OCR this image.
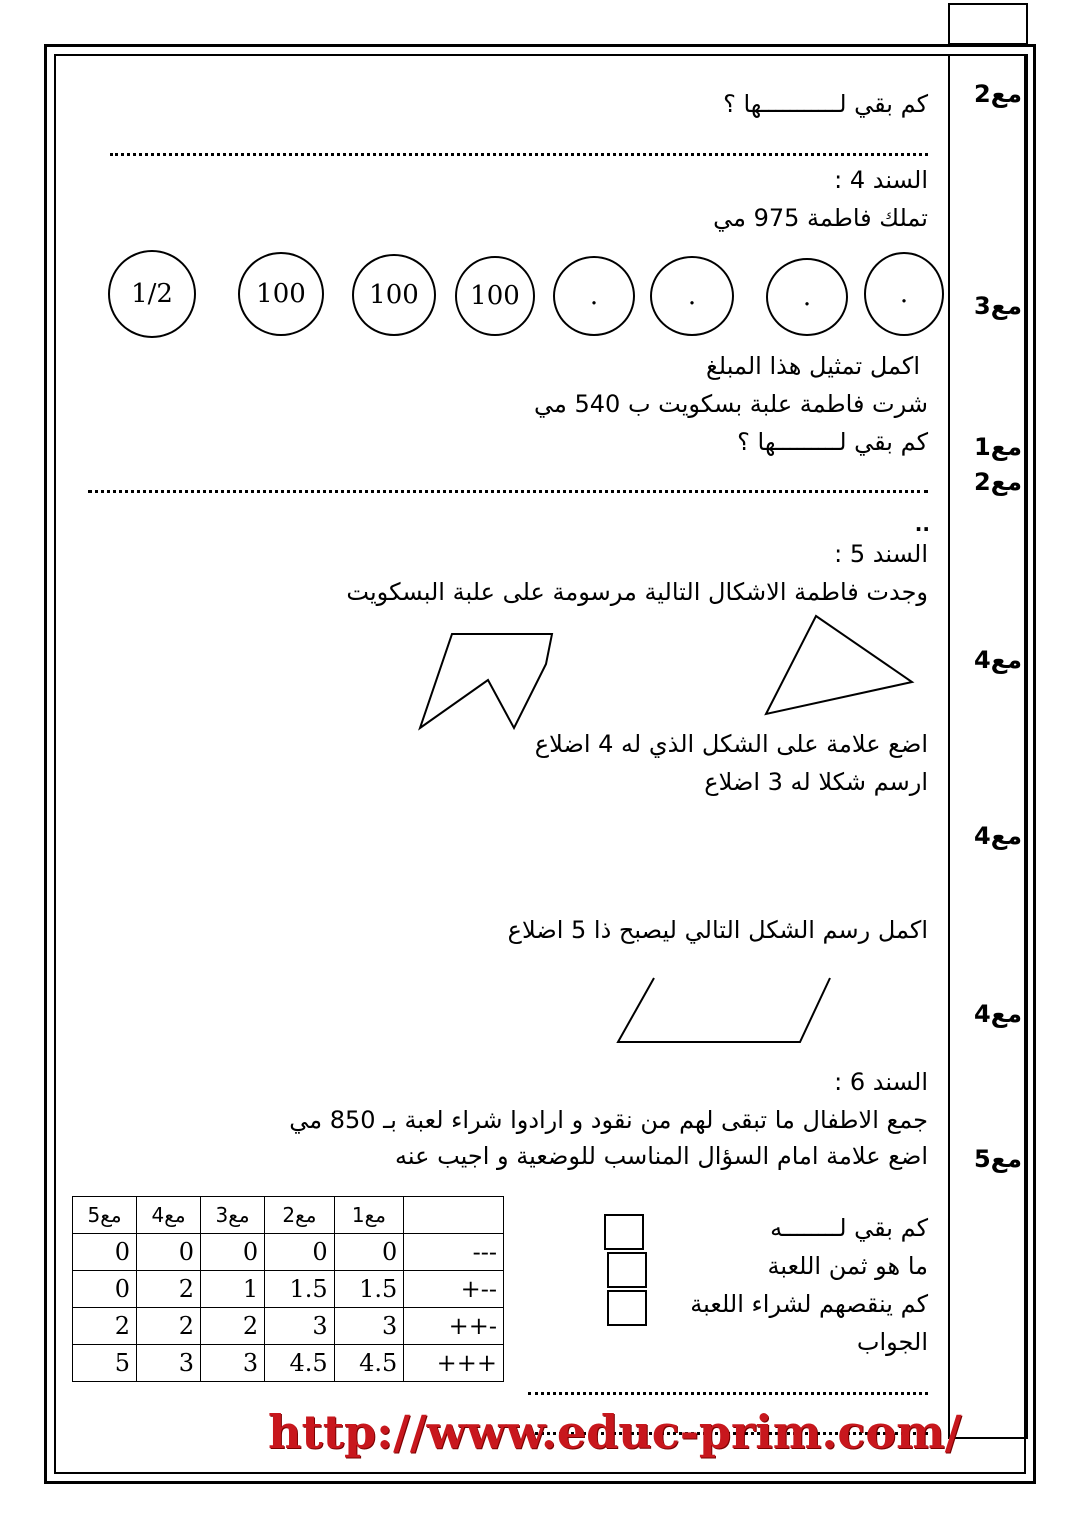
مع2
مع3
مع1
مع2
مع4
مع4
مع4
مع5
كم بقي لـــــــــــها ؟
السند 4 :
تملك فاطمة 975 مي
.
.
.
.
100
100
100
1/2
اكمل تمثيل هذا المبلغ
شرت فاطمة علبة بسكويت ب 540 مي
كم بقي لـــــــــها ؟
..
السند 5 :
وجدت فاطمة الاشكال التالية مرسومة على علبة البسكويت
اضع علامة على الشكل الذي له 4 اضلاع
ارسم شكلا له 3 اضلاع
اكمل رسم الشكل التالي ليصبح ذا 5 اضلاع
السند 6 :
جمع الاطفال ما تبقى لهم من نقود و ارادوا شراء لعبة بـ 850 مي
اضع علامة امام السؤال المناسب للوضعية و اجيب عنه
كم بقي لــــــــه
ما هو ثمن اللعبة
كم ينقصهم لشراء اللعبة
الجواب
مع5	مع4	مع3	مع2	مع1	
0	0	0	0	0	---
0	2	1	1.5	1.5	+--
2	2	2	3	3	++-
5	3	3	4.5	4.5	+++
http://www.educ-prim.com/
